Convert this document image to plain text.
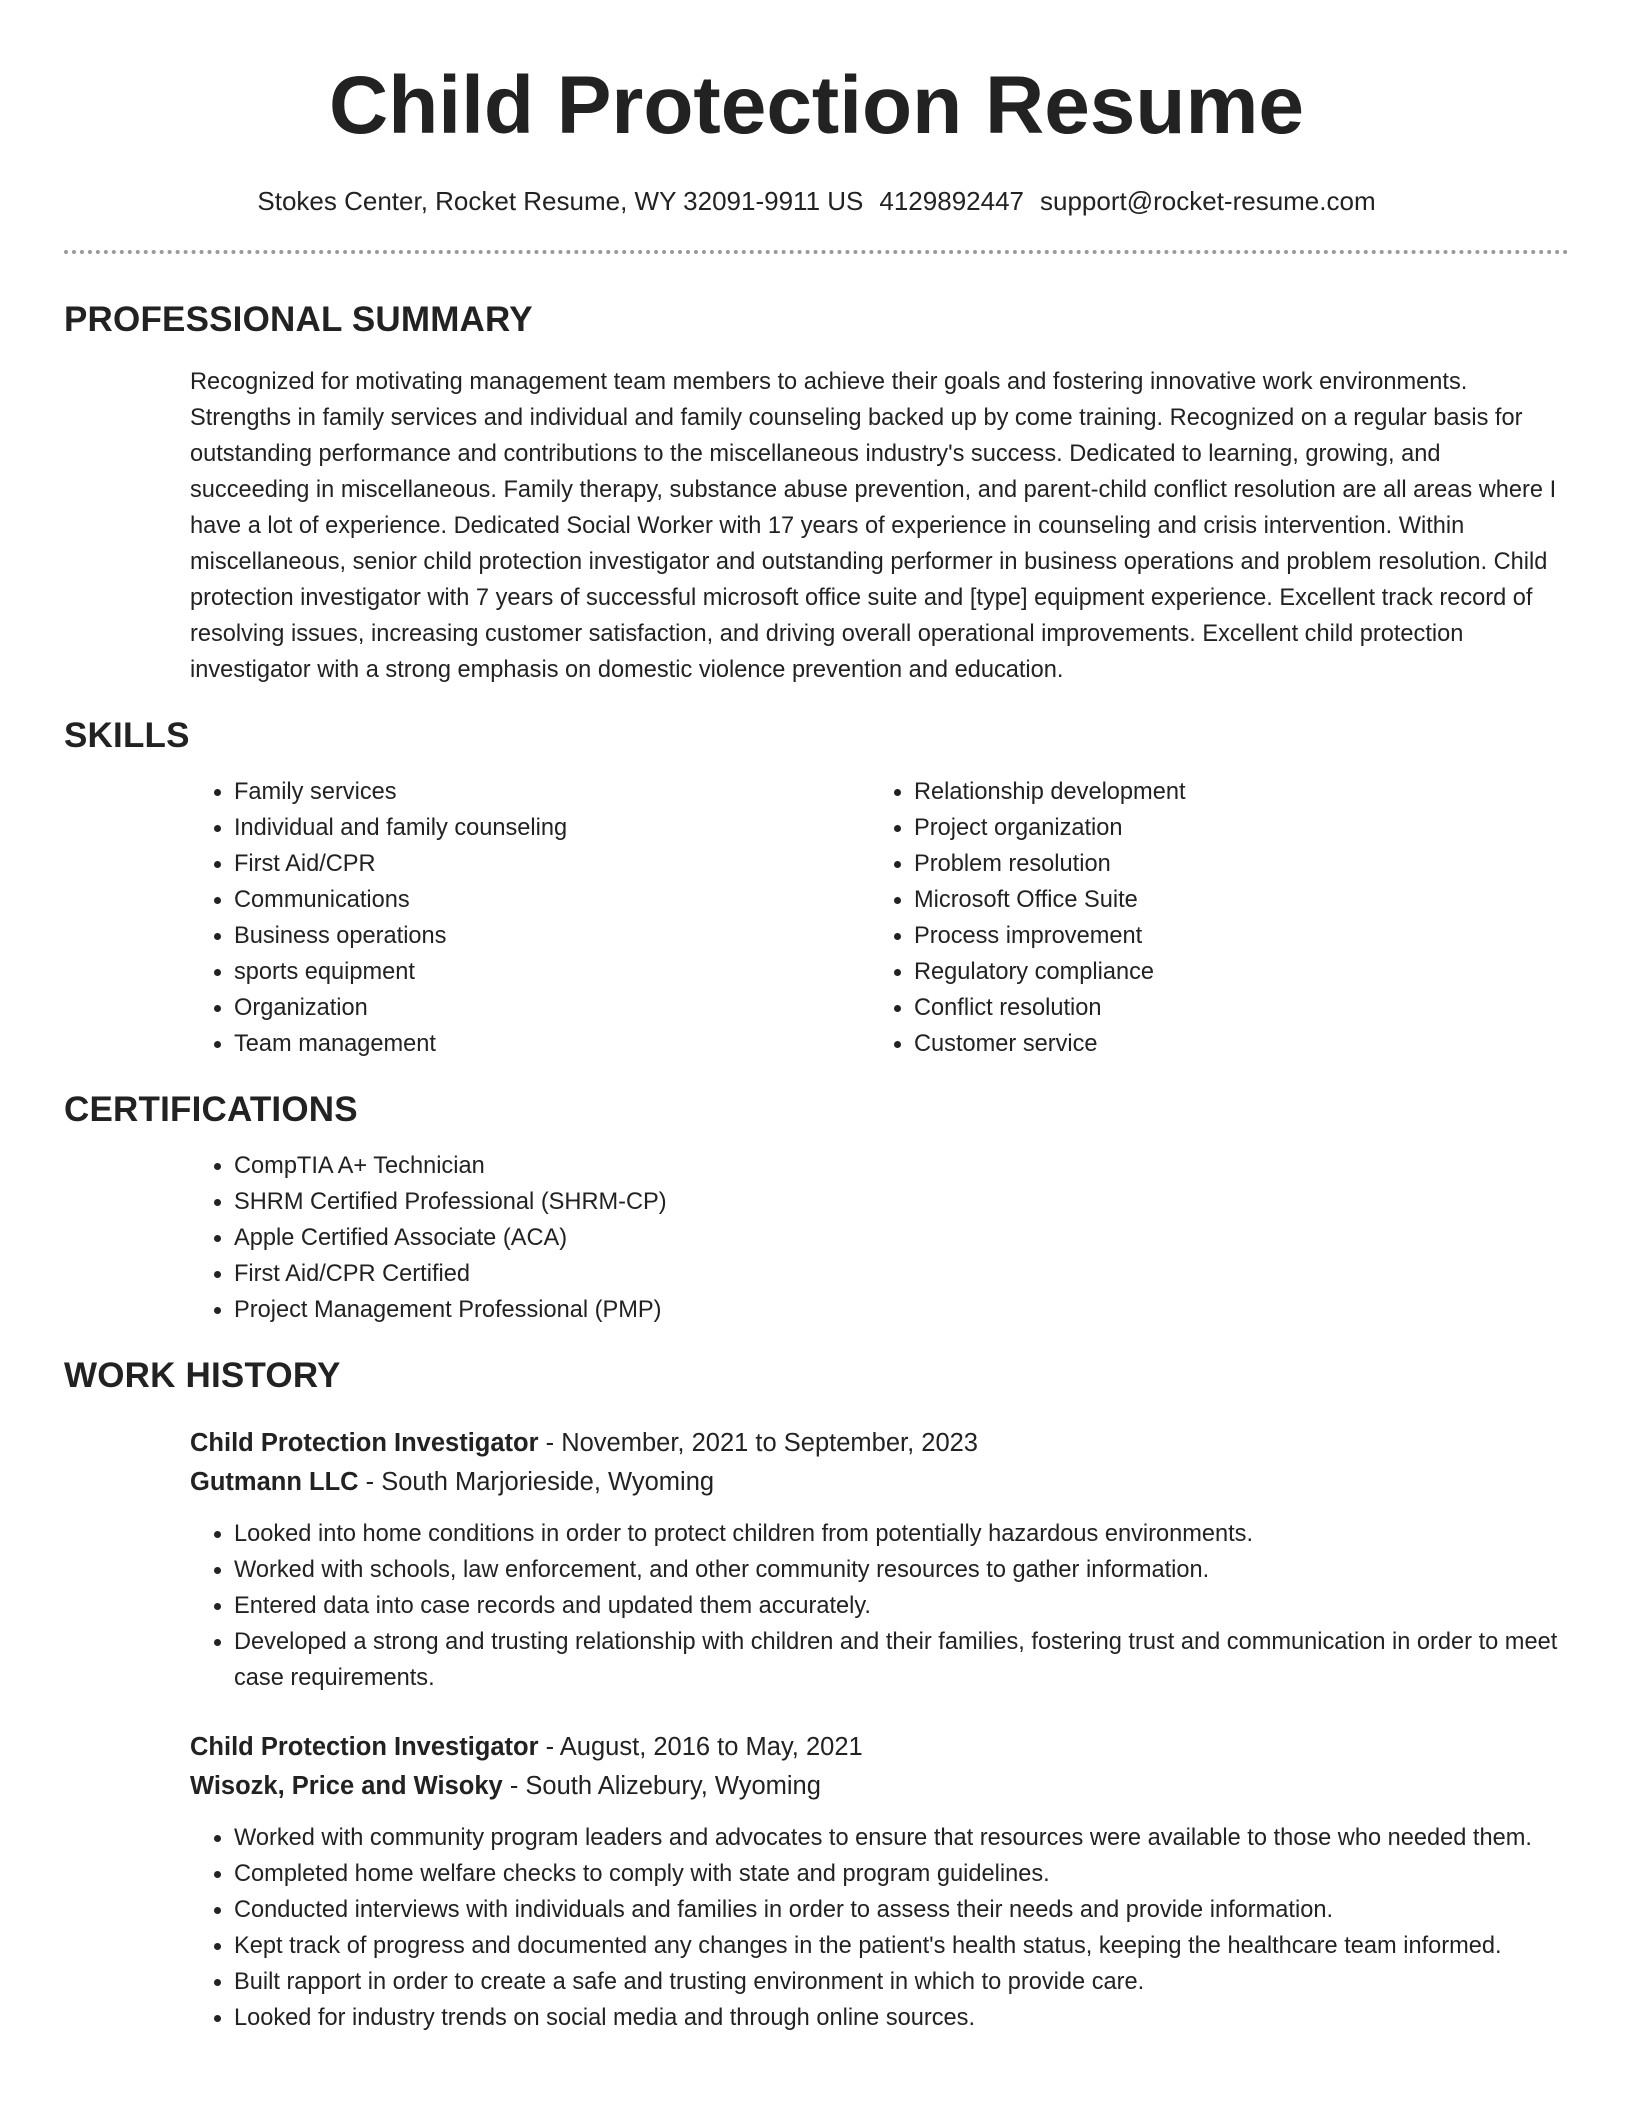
Child Protection Resume
Stokes Center, Rocket Resume, WY 32091-9911 US 4129892447 support@rocket-resume.com
PROFESSIONAL SUMMARY
Recognized for motivating management team members to achieve their goals and fostering innovative work environments. Strengths in family services and individual and family counseling backed up by come training. Recognized on a regular basis for outstanding performance and contributions to the miscellaneous industry's success. Dedicated to learning, growing, and succeeding in miscellaneous. Family therapy, substance abuse prevention, and parent-child conflict resolution are all areas where I have a lot of experience. Dedicated Social Worker with 17 years of experience in counseling and crisis intervention. Within miscellaneous, senior child protection investigator and outstanding performer in business operations and problem resolution. Child protection investigator with 7 years of successful microsoft office suite and [type] equipment experience. Excellent track record of resolving issues, increasing customer satisfaction, and driving overall operational improvements. Excellent child protection investigator with a strong emphasis on domestic violence prevention and education.
SKILLS
• Family services
• Individual and family counseling
• First Aid/CPR
• Communications
• Business operations
• sports equipment
• Organization
• Team management
• Relationship development
• Project organization
• Problem resolution
• Microsoft Office Suite
• Process improvement
• Regulatory compliance
• Conflict resolution
• Customer service
CERTIFICATIONS
• CompTIA A+ Technician
• SHRM Certified Professional (SHRM-CP)
• Apple Certified Associate (ACA)
• First Aid/CPR Certified
• Project Management Professional (PMP)
WORK HISTORY
Child Protection Investigator - November, 2021 to September, 2023
Gutmann LLC - South Marjorieside, Wyoming
• Looked into home conditions in order to protect children from potentially hazardous environments.
• Worked with schools, law enforcement, and other community resources to gather information.
• Entered data into case records and updated them accurately.
• Developed a strong and trusting relationship with children and their families, fostering trust and communication in order to meet case requirements.
Child Protection Investigator - August, 2016 to May, 2021
Wisozk, Price and Wisoky - South Alizebury, Wyoming
• Worked with community program leaders and advocates to ensure that resources were available to those who needed them.
• Completed home welfare checks to comply with state and program guidelines.
• Conducted interviews with individuals and families in order to assess their needs and provide information.
• Kept track of progress and documented any changes in the patient's health status, keeping the healthcare team informed.
• Built rapport in order to create a safe and trusting environment in which to provide care.
• Looked for industry trends on social media and through online sources.
